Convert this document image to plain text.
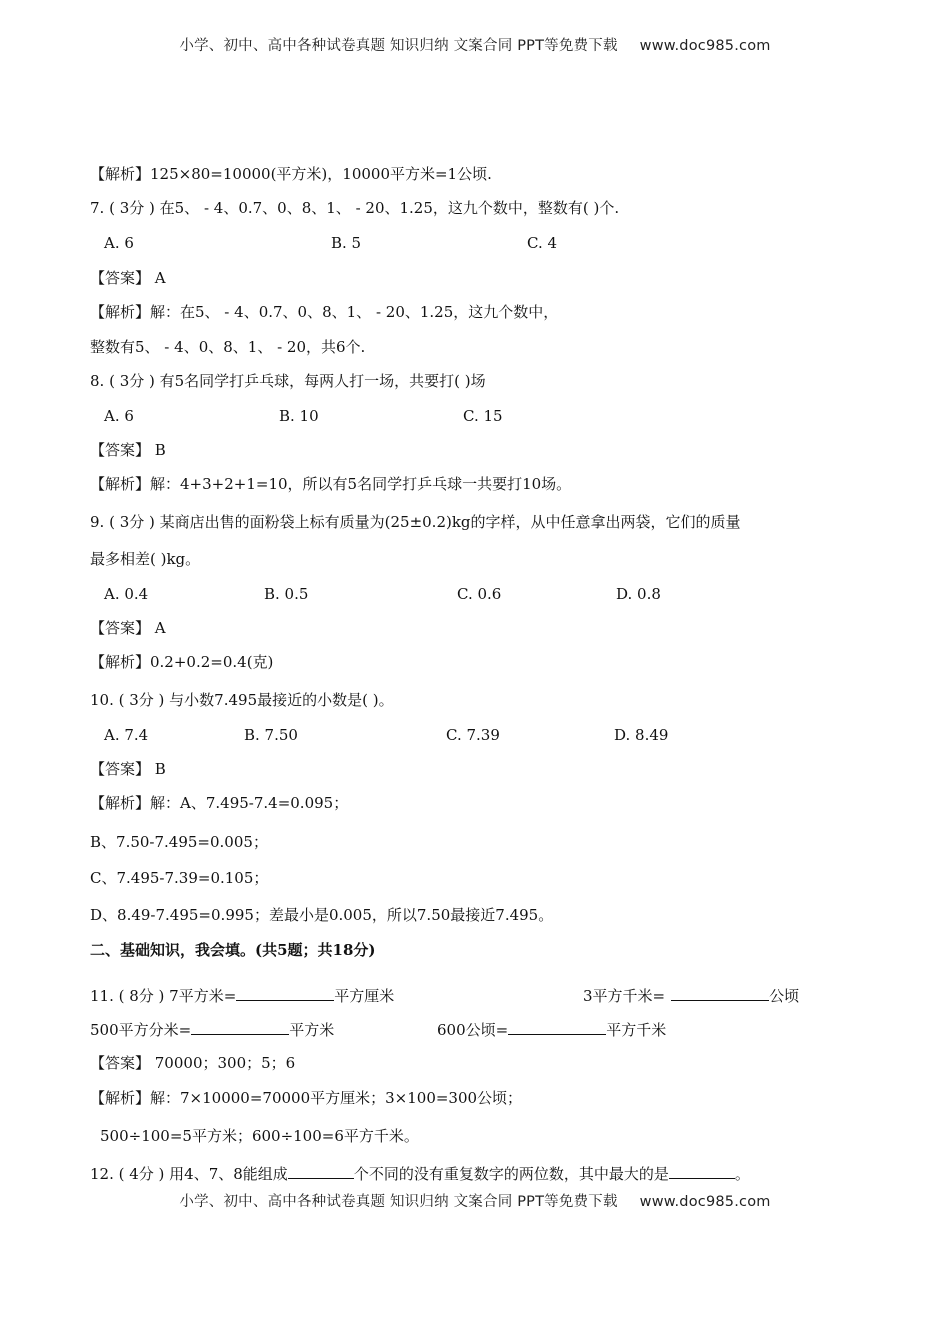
小学、初中、高中各种试卷真题 知识归纳 文案合同 PPT等免费下载 www.doc985.com
【解析】125×80=10000(平方米)，10000平方米=1公顷.
7. ( 3分 ) 在5、 - 4、0.7、0、8、1、 - 20、1.25，这九个数中，整数有( )个.
A. 6	B. 5	C. 4
【答案】 A
【解析】解：在5、 - 4、0.7、0、8、1、 - 20、1.25，这九个数中，
整数有5、 - 4、0、8、1、 - 20，共6个.
8. ( 3分 ) 有5名同学打乒乓球，每两人打一场，共要打( )场
A. 6	B. 10	C. 15
【答案】 B
【解析】解：4+3+2+1=10，所以有5名同学打乒乓球一共要打10场。
9. ( 3分 ) 某商店出售的面粉袋上标有质量为(25±0.2)kg的字样，从中任意拿出两袋，它们的质量
最多相差( )kg。
A. 0.4	B. 0.5	C. 0.6	D. 0.8
【答案】 A
【解析】0.2+0.2=0.4(克)
10. ( 3分 ) 与小数7.495最接近的小数是( )。
A. 7.4	B. 7.50	C. 7.39	D. 8.49
【答案】 B
【解析】解：A、7.495-7.4=0.095；
B、7.50-7.495=0.005；
C、7.495-7.39=0.105；
D、8.49-7.495=0.995；差最小是0.005，所以7.50最接近7.495。
二、基础知识，我会填。(共5题；共18分)
11. ( 8分 ) 7平方米=	平方厘米	3平方千米=	公顷
500平方分米=	平方米	600公顷=	平方千米
【答案】 70000；300；5；6
【解析】解：7×10000=70000平方厘米；3×100=300公顷；
500÷100=5平方米；600÷100=6平方千米。
12. ( 4分 ) 用4、7、8能组成	个不同的没有重复数字的两位数，其中最大的是	。
小学、初中、高中各种试卷真题 知识归纳 文案合同 PPT等免费下载 www.doc985.com
